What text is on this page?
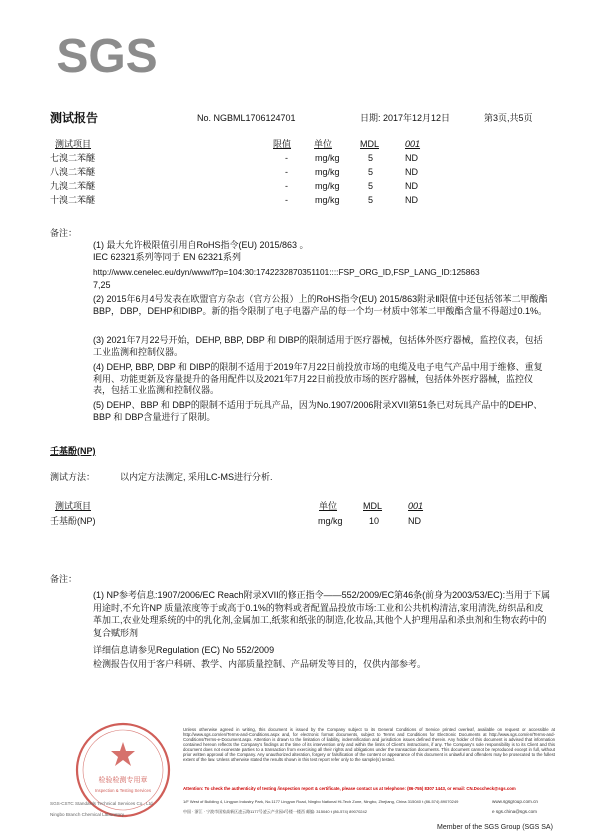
SGS
测试报告	No. NGBML1706124701	日期: 2017年12月12日	第3页,共5页
测试项目	限值	单位	MDL	001
七溴二苯醚	-	mg/kg	5	ND
八溴二苯醚	-	mg/kg	5	ND
九溴二苯醚	-	mg/kg	5	ND
十溴二苯醚	-	mg/kg	5	ND
备注：
(1) 最大允许极限值引用自RoHS指令(EU) 2015/863 。
IEC 62321系列等同于 EN 62321系列
http://www.cenelec.eu/dyn/www/f?p=104:30:1742232870351101::::FSP_ORG_ID,FSP_LANG_ID:125863
7,25
(2) 2015年6月4号发表在欧盟官方杂志（官方公报）上的RoHS指令(EU) 2015/863附录Ⅱ限值中还包括邻苯二甲酸酯BBP，DBP，DEHP和DIBP。新的指令限制了电子电器产品的每一个均一材质中邻苯二甲酸酯含量不得超过0.1%。
(3) 2021年7月22号开始，DEHP, BBP, DBP 和 DIBP的限制适用于医疗器械，包括体外医疗器械，监控仪表，包括工业监测和控制仪器。
(4) DEHP, BBP, DBP 和 DIBP的限制不适用于2019年7月22日前投放市场的电缆及电子电气产品中用于维修、重复利用、功能更新及容量提升的备用配件以及2021年7月22日前投放市场的医疗器械，包括体外医疗器械，监控仪表，包括工业监测和控制仪器。
(5) DEHP、BBP 和 DBP的限制不适用于玩具产品，因为No.1907/2006附录XVII第51条已对玩具产品中的DEHP、BBP 和 DBP含量进行了限制。
壬基酚(NP)
测试方法：	以内定方法测定, 采用LC-MS进行分析.
测试项目	单位	MDL	001
壬基酚(NP)	mg/kg	10	ND
备注：
(1) NP参考信息:1907/2006/EC Reach附录XVII的修正指令——552/2009/EC第46条(前身为2003/53/EC):当用于下属用途时,不允许NP 质量浓度等于或高于0.1%的物料或者配置品投放市场:工业和公共机构清洁,家用清洗,纺织品和皮革加工,农业处理系统的中的乳化剂,金属加工,纸浆和纸张的制造,化妆品,其他个人护理用品和杀虫剂和生物农药中的复合赋形剂
详细信息请参见Regulation (EC) No 552/2009
检测报告仅用于客户科研、教学、内部质量控制、产品研发等目的，仅供内部参考。
检验检测专用章
Inspection & Testing Services
SGS-CSTC Standards Technical Services Co., Ltd.
Ningbo Branch Chemical Laboratory
Unless otherwise agreed in writing, this document is issued by the Company subject to its General Conditions of Service printed overleaf, available on request or accessible at http://www.sgs.com/en/Terms-and-Conditions.aspx and, for electronic format documents, subject to Terms and Conditions for Electronic Documents at http://www.sgs.com/en/Terms-and-Conditions/Terms-e-Document.aspx. Attention is drawn to the limitation of liability, indemnification and jurisdiction issues defined therein. Any holder of this document is advised that information contained hereon reflects the Company's findings at the time of its intervention only and within the limits of Client's instructions, if any. The Company's sole responsibility is to its Client and this document does not exonerate parties to a transaction from exercising all their rights and obligations under the transaction documents. This document cannot be reproduced except in full, without prior written approval of the Company. Any unauthorized alteration, forgery or falsification of the content or appearance of this document is unlawful and offenders may be prosecuted to the fullest extent of the law. Unless otherwise stated the results shown in this test report refer only to the sample(s) tested.
Attention: To check the authenticity of testing /inspection report & certificate, please contact us at telephone: (86-755) 8307 1443, or email: CN.Doccheck@sgs.com
1/F West of Building 4, Lingyun Industry Park, No.1177 Lingyun Road, Ningbo National Hi-Tech Zone, Ningbo, Zhejiang, China 315040 t (86-574) 89070249
中国 · 浙江 · 宁波市国家高新区凌云路1177号凌云产业园4号楼一楼西 邮编: 315040 t (86-574) 89070242
www.sgsgroup.com.cn
e sgs.china@sgs.com
Member of the SGS Group (SGS SA)
